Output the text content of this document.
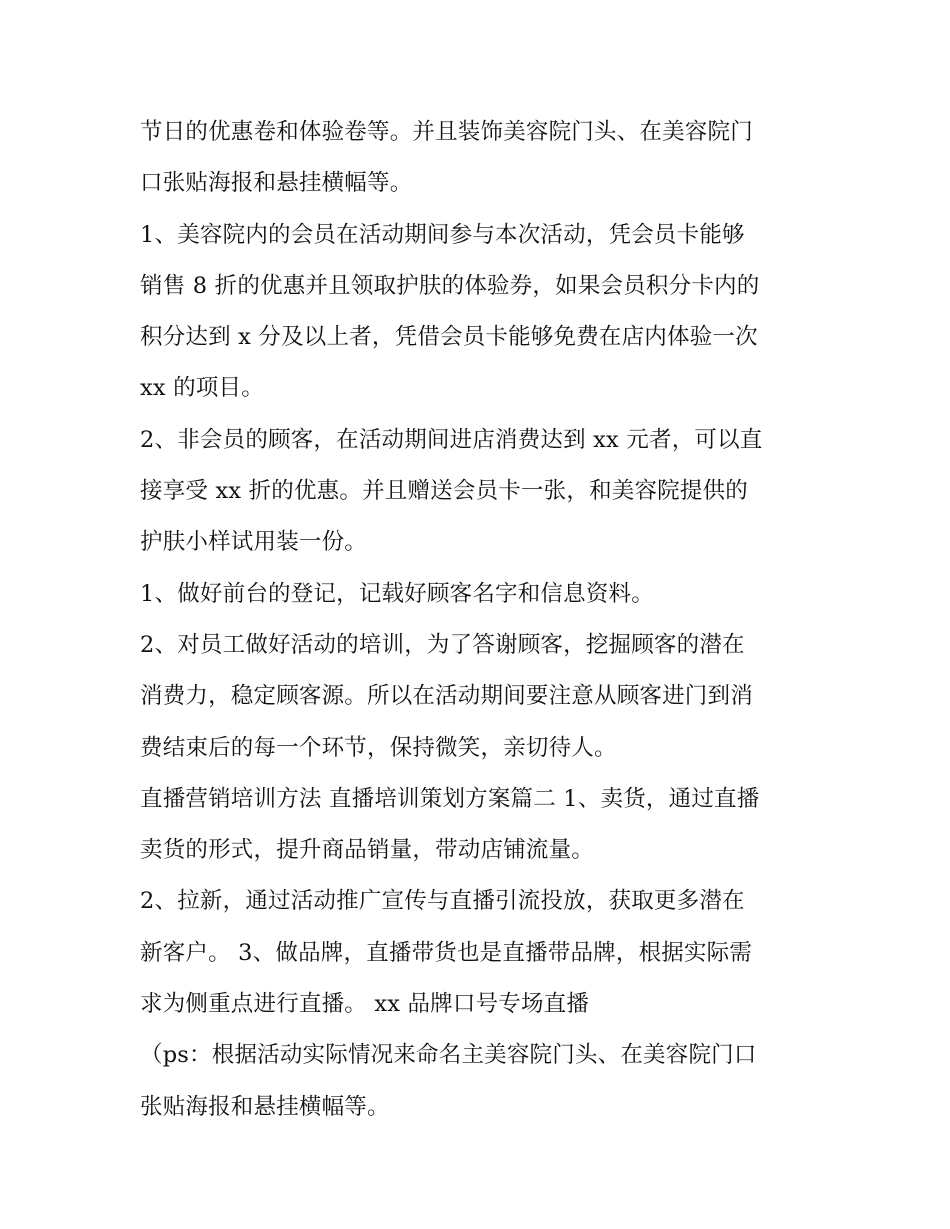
节日的优惠卷和体验卷等。并且装饰美容院门头、在美容院门
口张贴海报和悬挂横幅等。
1、美容院内的会员在活动期间参与本次活动，凭会员卡能够
销售 8 折的优惠并且领取护肤的体验券，如果会员积分卡内的
积分达到 x 分及以上者，凭借会员卡能够免费在店内体验一次
xx 的项目。
2、非会员的顾客，在活动期间进店消费达到 xx 元者，可以直
接享受 xx 折的优惠。并且赠送会员卡一张，和美容院提供的
护肤小样试用装一份。
1、做好前台的登记，记载好顾客名字和信息资料。
2、对员工做好活动的培训，为了答谢顾客，挖掘顾客的潜在
消费力，稳定顾客源。所以在活动期间要注意从顾客进门到消
费结束后的每一个环节，保持微笑，亲切待人。
直播营销培训方法 直播培训策划方案篇二 1、卖货，通过直播
卖货的形式，提升商品销量，带动店铺流量。
2、拉新，通过活动推广宣传与直播引流投放，获取更多潜在
新客户。 3、做品牌，直播带货也是直播带品牌，根据实际需
求为侧重点进行直播。 xx 品牌口号专场直播
（ps：根据活动实际情况来命名主美容院门头、在美容院门口
张贴海报和悬挂横幅等。
